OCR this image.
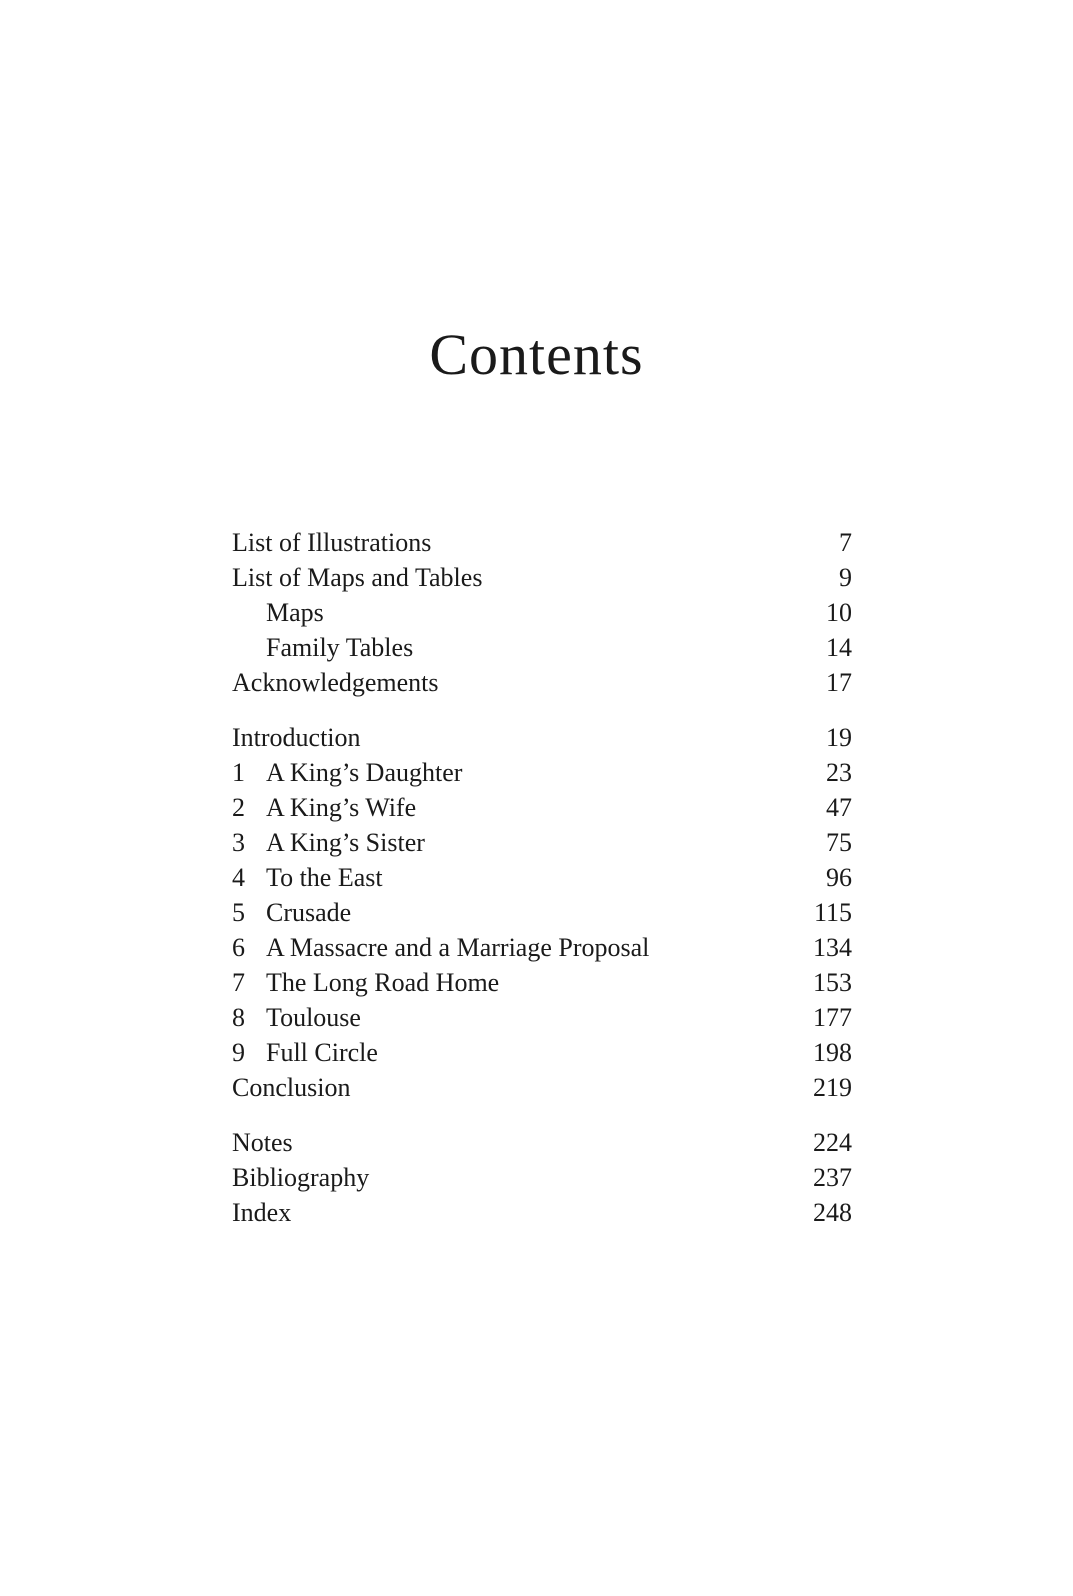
Contents
List of Illustrations	7
List of Maps and Tables	9
Maps	10
Family Tables	14
Acknowledgements	17
Introduction	19
1 A King’s Daughter	23
2 A King’s Wife	47
3 A King’s Sister	75
4 To the East	96
5 Crusade	115
6 A Massacre and a Marriage Proposal	134
7 The Long Road Home	153
8 Toulouse	177
9 Full Circle	198
Conclusion	219
Notes	224
Bibliography	237
Index	248
